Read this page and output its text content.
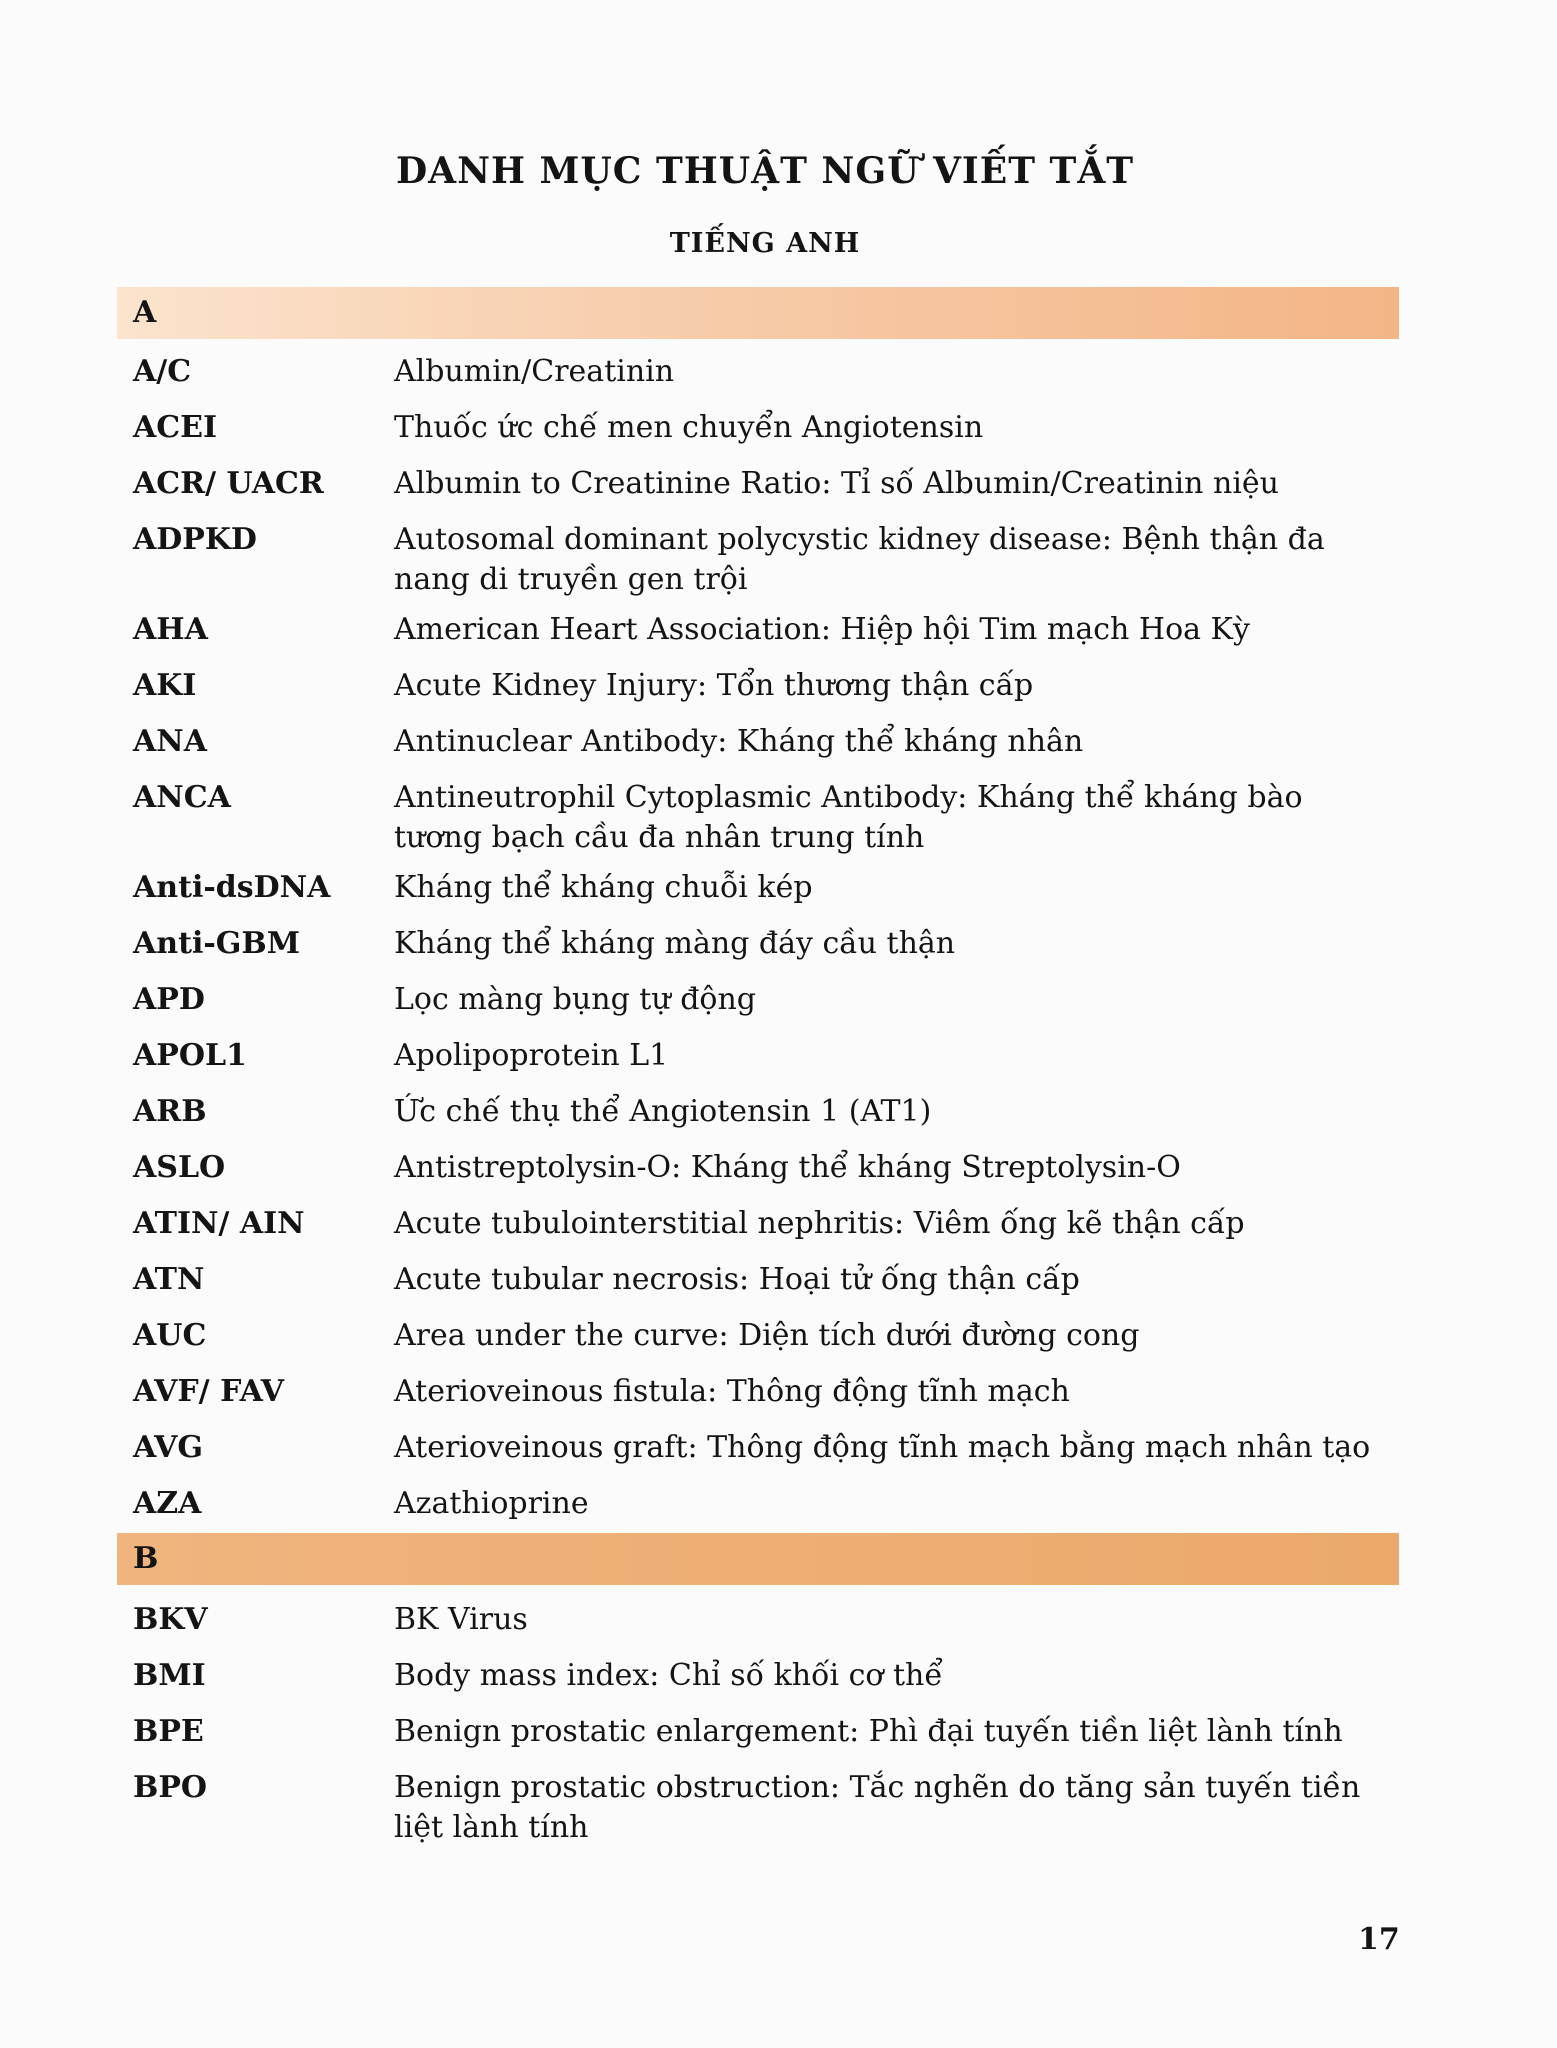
DANH MỤC THUẬT NGỮ VIẾT TẮT
TIẾNG ANH
A
A/C	Albumin/Creatinin
ACEI	Thuốc ức chế men chuyển Angiotensin
ACR/ UACR	Albumin to Creatinine Ratio: Tỉ số Albumin/Creatinin niệu
ADPKD	Autosomal dominant polycystic kidney disease: Bệnh thận đa nang di truyền gen trội
AHA	American Heart Association: Hiệp hội Tim mạch Hoa Kỳ
AKI	Acute Kidney Injury: Tổn thương thận cấp
ANA	Antinuclear Antibody: Kháng thể kháng nhân
ANCA	Antineutrophil Cytoplasmic Antibody: Kháng thể kháng bào tương bạch cầu đa nhân trung tính
Anti-dsDNA	Kháng thể kháng chuỗi kép
Anti-GBM	Kháng thể kháng màng đáy cầu thận
APD	Lọc màng bụng tự động
APOL1	Apolipoprotein L1
ARB	Ức chế thụ thể Angiotensin 1 (AT1)
ASLO	Antistreptolysin-O: Kháng thể kháng Streptolysin-O
ATIN/ AIN	Acute tubulointerstitial nephritis: Viêm ống kẽ thận cấp
ATN	Acute tubular necrosis: Hoại tử ống thận cấp
AUC	Area under the curve: Diện tích dưới đường cong
AVF/ FAV	Aterioveinous fistula: Thông động tĩnh mạch
AVG	Aterioveinous graft: Thông động tĩnh mạch bằng mạch nhân tạo
AZA	Azathioprine
B
BKV	BK Virus
BMI	Body mass index: Chỉ số khối cơ thể
BPE	Benign prostatic enlargement: Phì đại tuyến tiền liệt lành tính
BPO	Benign prostatic obstruction: Tắc nghẽn do tăng sản tuyến tiền liệt lành tính
17
